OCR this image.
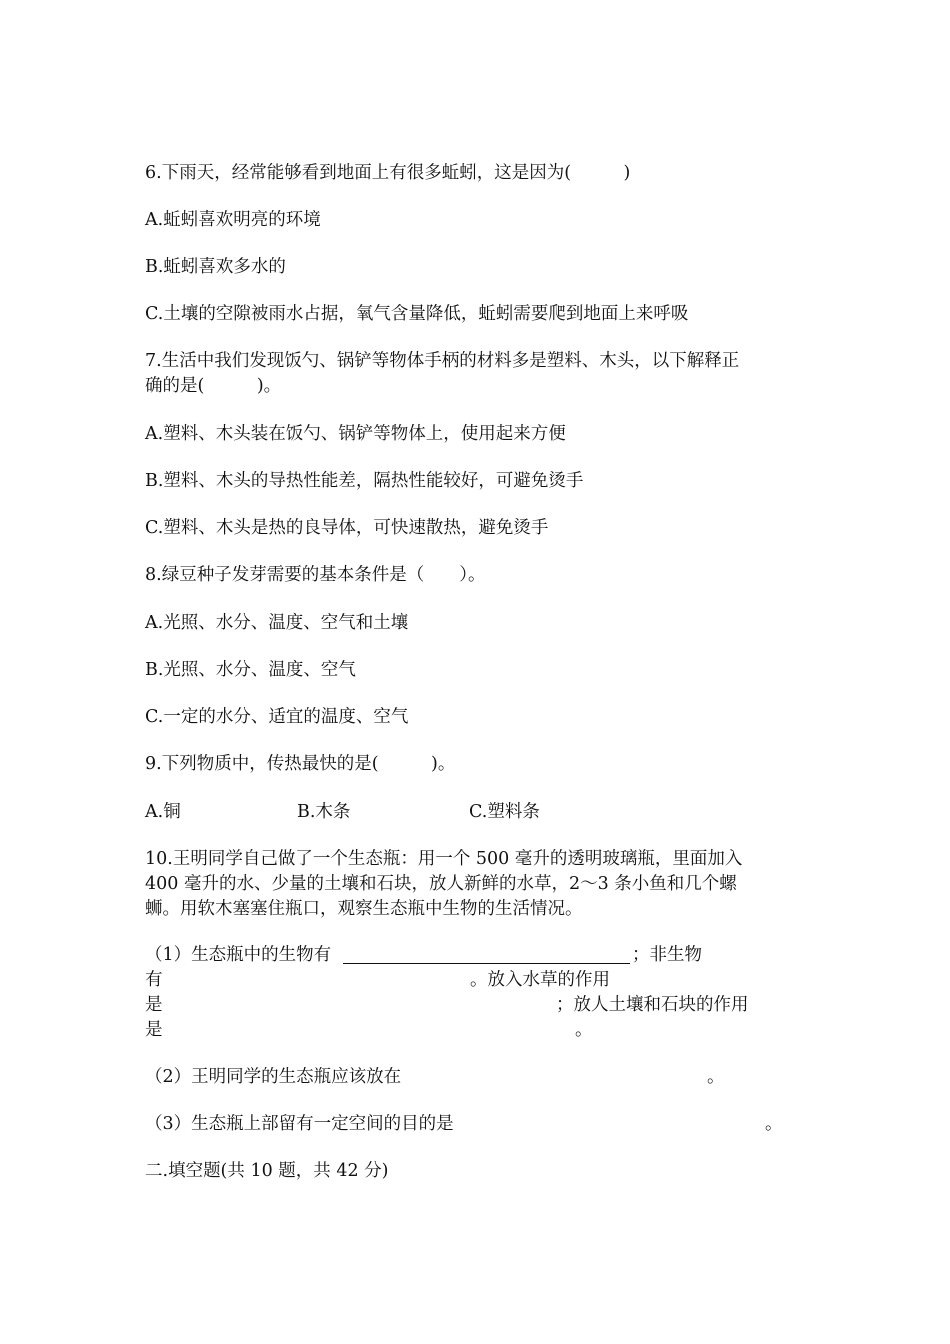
6.下雨天，经常能够看到地面上有很多蚯蚓，这是因为(　　　)
A.蚯蚓喜欢明亮的环境
B.蚯蚓喜欢多水的
C.土壤的空隙被雨水占据，氧气含量降低，蚯蚓需要爬到地面上来呼吸
7.生活中我们发现饭勺、锅铲等物体手柄的材料多是塑料、木头，以下解释正
确的是(　　　)。
A.塑料、木头装在饭勺、锅铲等物体上，使用起来方便
B.塑料、木头的导热性能差，隔热性能较好，可避免烫手
C.塑料、木头是热的良导体，可快速散热，避免烫手
8.绿豆种子发芽需要的基本条件是（　　）。
A.光照、水分、温度、空气和土壤
B.光照、水分、温度、空气
C.一定的水分、适宜的温度、空气
9.下列物质中，传热最快的是(　　　)。
A.铜	B.木条	C.塑料条
10.王明同学自己做了一个生态瓶：用一个 500 毫升的透明玻璃瓶，里面加入
400 毫升的水、少量的土壤和石块，放人新鲜的水草，2～3 条小鱼和几个螺
蛳。用软木塞塞住瓶口，观察生态瓶中生物的生活情况。
（1）生态瓶中的生物有	；非生物
有	。放入水草的作用
是	；放人土壤和石块的作用
是	。
（2）王明同学的生态瓶应该放在	。
（3）生态瓶上部留有一定空间的目的是	。
二.填空题(共 10 题，共 42 分)
